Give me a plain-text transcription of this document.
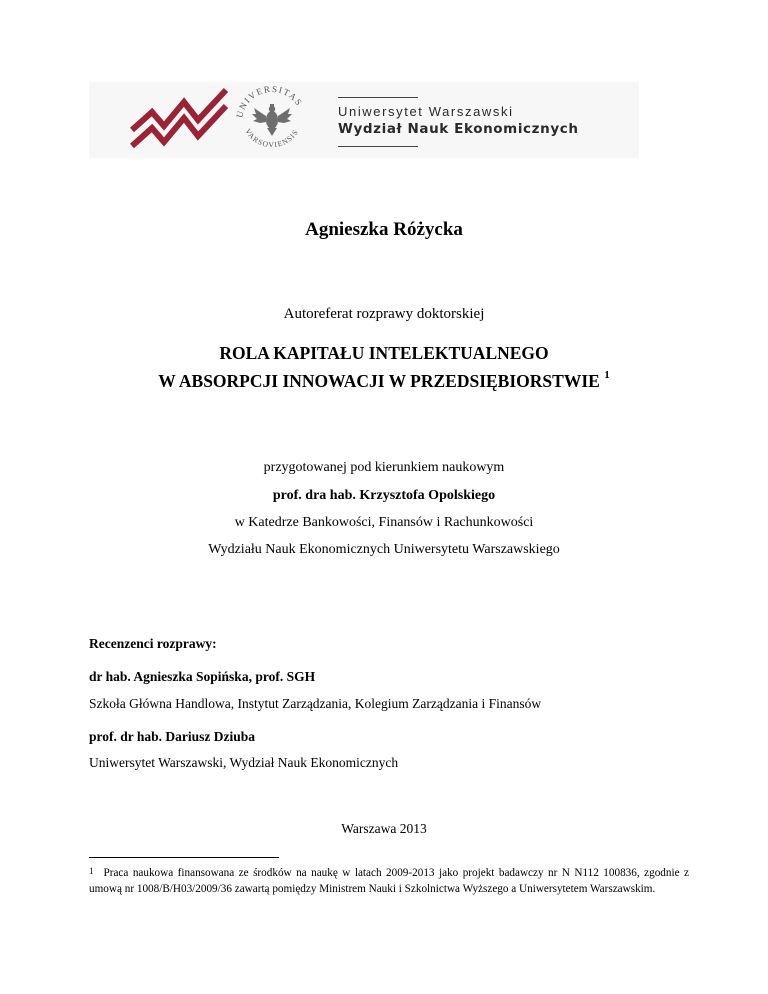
UNIVERSITAS
VARSOVIENSIS
Uniwersytet Warszawski
Wydział Nauk Ekonomicznych
Agnieszka Różycka
Autoreferat rozprawy doktorskiej
ROLA KAPITAŁU INTELEKTUALNEGO
W ABSORPCJI INNOWACJI W PRZEDSIĘBIORSTWIE $^1$
przygotowanej pod kierunkiem naukowym
prof. dra hab. Krzysztofa Opolskiego
w Katedrze Bankowości, Finansów i Rachunkowości
Wydziału Nauk Ekonomicznych Uniwersytetu Warszawskiego
Recenzenci rozprawy:
dr hab. Agnieszka Sopińska, prof. SGH
Szkoła Główna Handlowa, Instytut Zarządzania, Kolegium Zarządzania i Finansów
prof. dr hab. Dariusz Dziuba
Uniwersytet Warszawski, Wydział Nauk Ekonomicznych
Warszawa 2013
$^1$ Praca naukowa finansowana ze środków na naukę w latach 2009-2013 jako projekt badawczy nr N N112 100836, zgodnie z umową nr 1008/B/H03/2009/36 zawartą pomiędzy Ministrem Nauki i Szkolnictwa Wyższego a Uniwersytetem Warszawskim.
